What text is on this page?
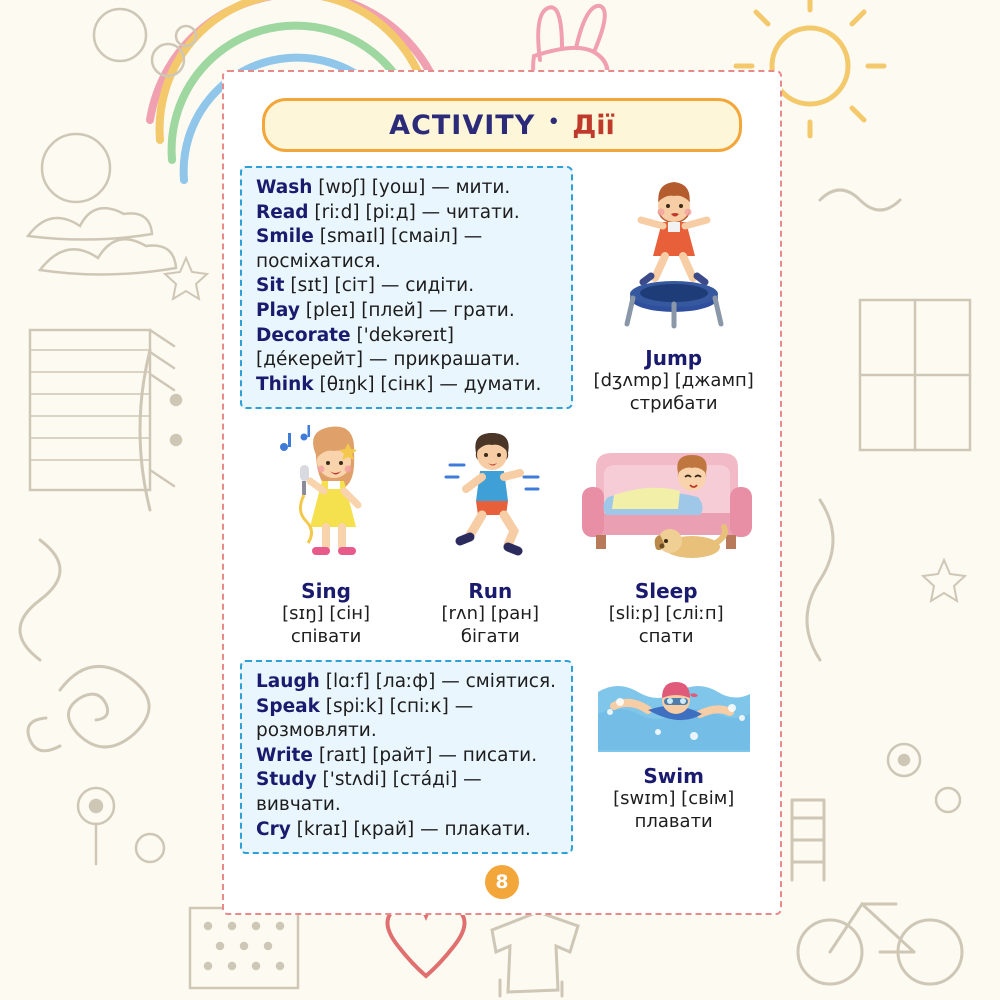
ACTIVITY • Дії
Wash [wɒʃ] [уош] — мити.
Read [riːd] [ріːд] — читати.
Smile [smaɪl] [смаіл] —
посміхатися.
Sit [sɪt] [сіт] — сидіти.
Play [pleɪ] [плей] — грати.
Decorate ['dekəreɪt]
[дéкерейт] — прикрашати.
Think [θɪŋk] [сінк] — думати.
Jump
[dʒʌmp] [джамп]
стрибати
Sing
[sɪŋ] [сін]
співати
Run
[rʌn] [ран]
бігати
Sleep
[sliːp] [сліːп]
спати
Laugh [lɑːf] [лаːф] — сміятися.
Speak [spiːk] [спіːк] —
розмовляти.
Write [raɪt] [райт] — писати.
Study ['stʌdi] [стáді] — вивчати.
Cry [kraɪ] [край] — плакати.
Swim
[swɪm] [свім]
плавати
8
